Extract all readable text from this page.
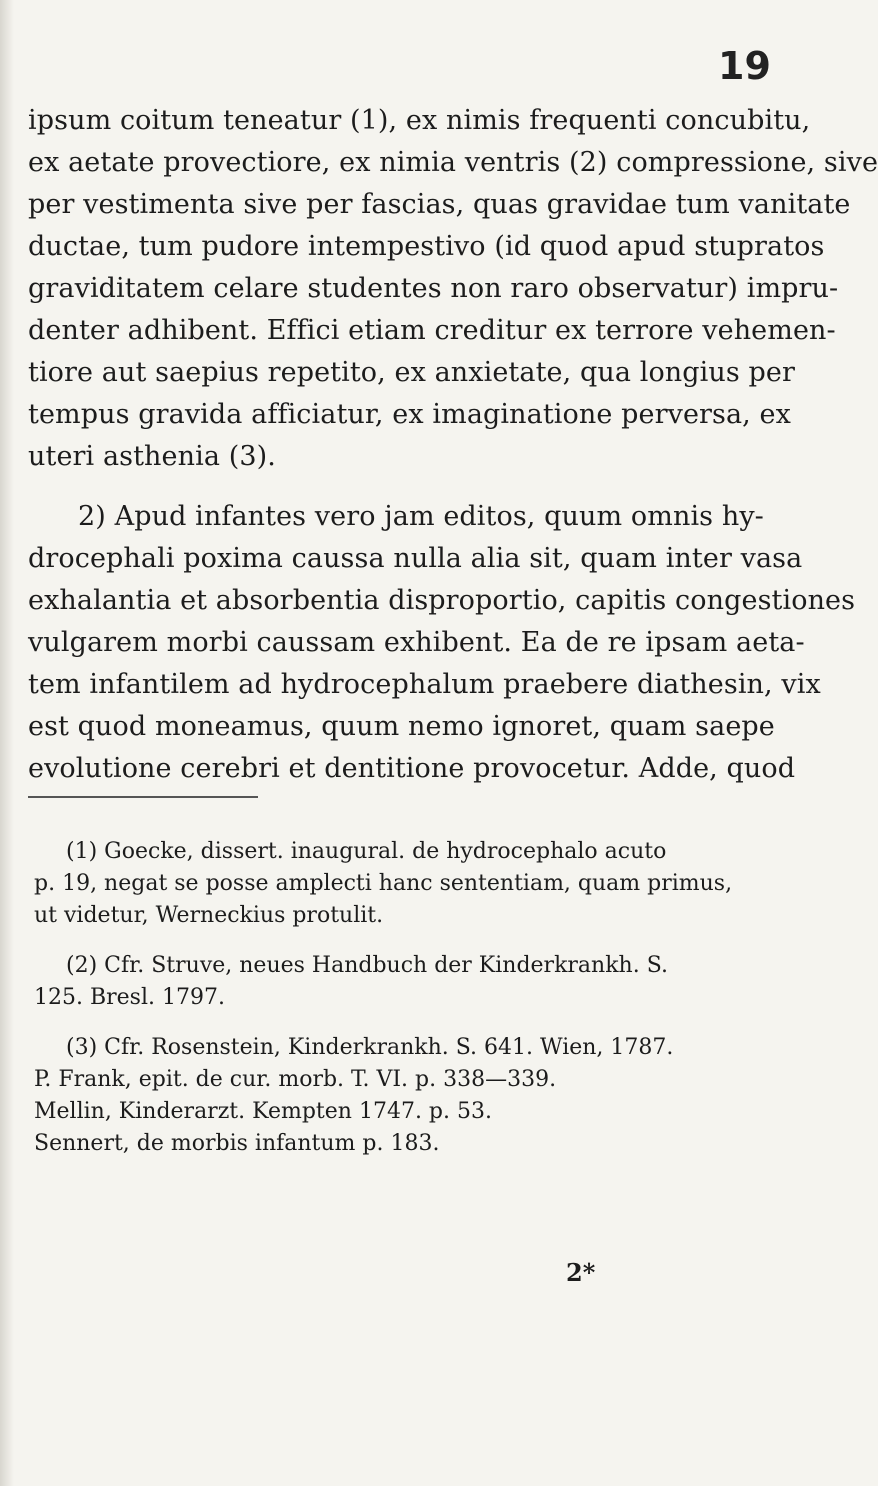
19
ipsum coitum teneatur (1), ex nimis frequenti concubitu,
ex aetate provectiore, ex nimia ventris (2) compressione, sive
per vestimenta sive per fascias, quas gravidae tum vanitate
ductae, tum pudore intempestivo (id quod apud stupratos
graviditatem celare studentes non raro observatur) impru-
denter adhibent. Effici etiam creditur ex terrore vehemen-
tiore aut saepius repetito, ex anxietate, qua longius per
tempus gravida afficiatur, ex imaginatione perversa, ex
uteri asthenia (3).
2) Apud infantes vero jam editos, quum omnis hy-
drocephali poxima caussa nulla alia sit, quam inter vasa
exhalantia et absorbentia disproportio, capitis congestiones
vulgarem morbi caussam exhibent. Ea de re ipsam aeta-
tem infantilem ad hydrocephalum praebere diathesin, vix
est quod moneamus, quum nemo ignoret, quam saepe
evolutione cerebri et dentitione provocetur. Adde, quod
(1) Goecke, dissert. inaugural. de hydrocephalo acuto
p. 19, negat se posse amplecti hanc sententiam, quam primus,
ut videtur, Werneckius protulit.
(2) Cfr. Struve, neues Handbuch der Kinderkrankh. S.
125. Bresl. 1797.
(3) Cfr. Rosenstein, Kinderkrankh. S. 641. Wien, 1787.
P. Frank, epit. de cur. morb. T. VI. p. 338—339.
Mellin, Kinderarzt. Kempten 1747. p. 53.
Sennert, de morbis infantum p. 183.
2*
